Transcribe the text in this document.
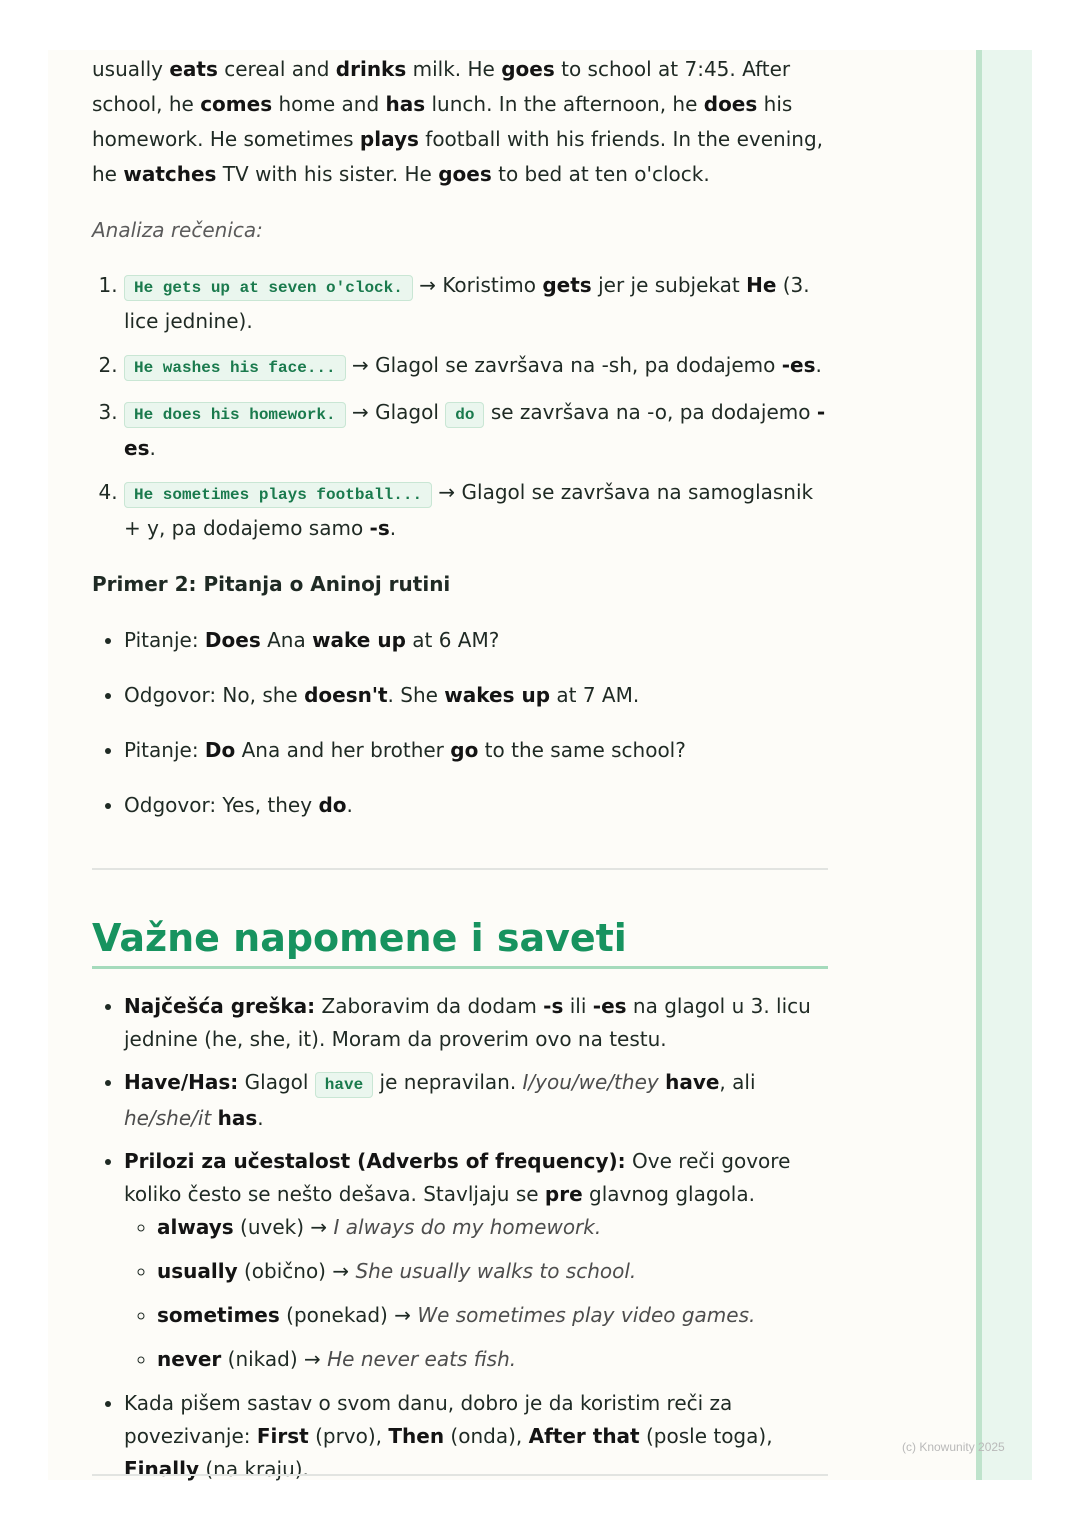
usually eats cereal and drinks milk. He goes to school at 7:45. After school, he comes home and has lunch. In the afternoon, he does his homework. He sometimes plays football with his friends. In the evening, he watches TV with his sister. He goes to bed at ten o'clock.

Analiza rečenica:

1. He gets up at seven o'clock. → Koristimo gets jer je subjekat He (3. lice jednine).
2. He washes his face... → Glagol se završava na -sh, pa dodajemo -es.
3. He does his homework. → Glagol do se završava na -o, pa dodajemo -es.
4. He sometimes plays football... → Glagol se završava na samoglasnik + y, pa dodajemo samo -s.

Primer 2: Pitanja o Aninoj rutini

• Pitanje: Does Ana wake up at 6 AM?
• Odgovor: No, she doesn't. She wakes up at 7 AM.
• Pitanje: Do Ana and her brother go to the same school?
• Odgovor: Yes, they do.
Važne napomene i saveti
• Najčešća greška: Zaboravim da dodam -s ili -es na glagol u 3. licu jednine (he, she, it). Moram da proverim ovo na testu.
• Have/Has: Glagol have je nepravilan. I/you/we/they have, ali he/she/it has.
• Prilozi za učestalost (Adverbs of frequency): Ove reči govore koliko često se nešto dešava. Stavljaju se pre glavnog glagola.
◦ always (uvek) → I always do my homework.
◦ usually (obično) → She usually walks to school.
◦ sometimes (ponekad) → We sometimes play video games.
◦ never (nikad) → He never eats fish.
• Kada pišem sastav o svom danu, dobro je da koristim reči za povezivanje: First (prvo), Then (onda), After that (posle toga), Finally (na kraju).
(c) Knowunity 2025
